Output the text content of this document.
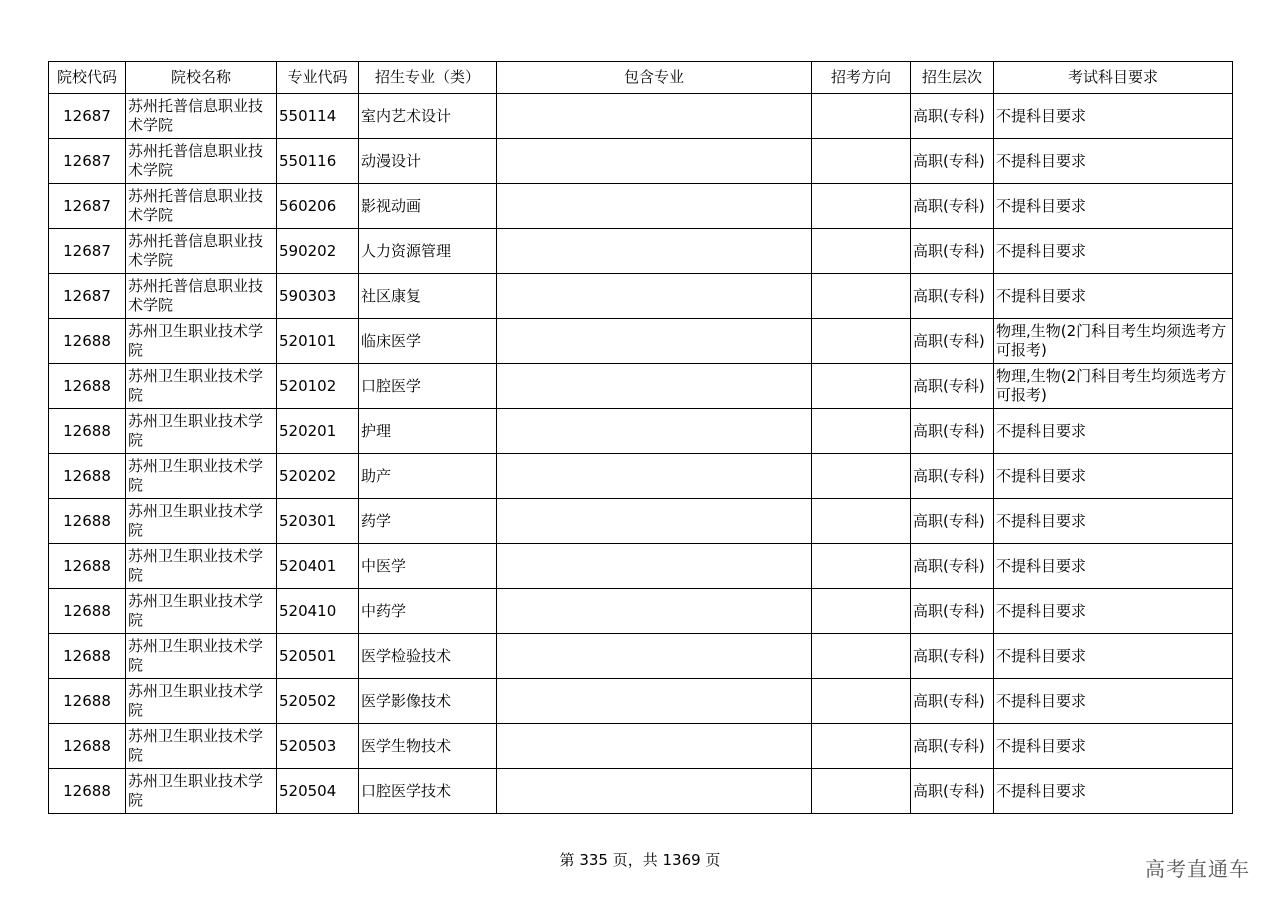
院校代码	院校名称	专业代码	招生专业（类）	包含专业	招考方向	招生层次	考试科目要求
12687	苏州托普信息职业技术学院	550114	室内艺术设计			高职(专科)	不提科目要求
12687	苏州托普信息职业技术学院	550116	动漫设计			高职(专科)	不提科目要求
12687	苏州托普信息职业技术学院	560206	影视动画			高职(专科)	不提科目要求
12687	苏州托普信息职业技术学院	590202	人力资源管理			高职(专科)	不提科目要求
12687	苏州托普信息职业技术学院	590303	社区康复			高职(专科)	不提科目要求
12688	苏州卫生职业技术学院	520101	临床医学			高职(专科)	物理,生物(2门科目考生均须选考方可报考)
12688	苏州卫生职业技术学院	520102	口腔医学			高职(专科)	物理,生物(2门科目考生均须选考方可报考)
12688	苏州卫生职业技术学院	520201	护理			高职(专科)	不提科目要求
12688	苏州卫生职业技术学院	520202	助产			高职(专科)	不提科目要求
12688	苏州卫生职业技术学院	520301	药学			高职(专科)	不提科目要求
12688	苏州卫生职业技术学院	520401	中医学			高职(专科)	不提科目要求
12688	苏州卫生职业技术学院	520410	中药学			高职(专科)	不提科目要求
12688	苏州卫生职业技术学院	520501	医学检验技术			高职(专科)	不提科目要求
12688	苏州卫生职业技术学院	520502	医学影像技术			高职(专科)	不提科目要求
12688	苏州卫生职业技术学院	520503	医学生物技术			高职(专科)	不提科目要求
12688	苏州卫生职业技术学院	520504	口腔医学技术			高职(专科)	不提科目要求
第 335 页，共 1369 页	高考直通车
